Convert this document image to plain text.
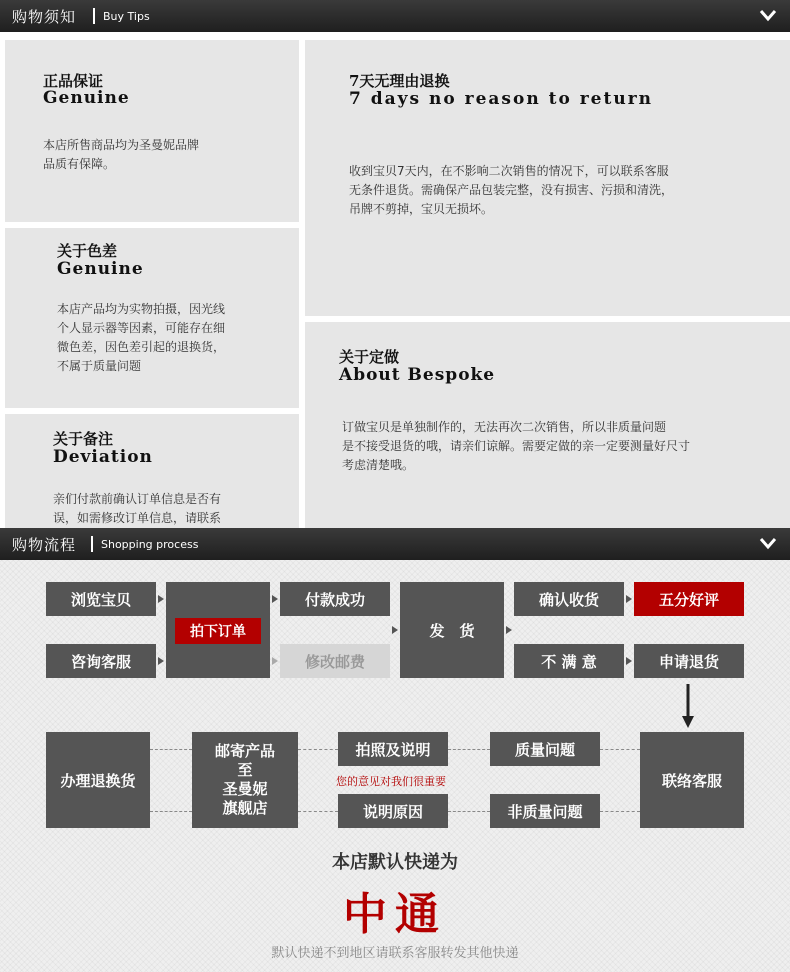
购物须知 Buy Tips
正品保证
Genuine
本店所售商品均为圣曼妮品牌
品质有保障。
关于色差
Genuine
本店产品均为实物拍摄，因光线
个人显示器等因素，可能存在细
微色差，因色差引起的退换货，
不属于质量问题
关于备注
Deviation
亲们付款前确认订单信息是否有
误，如需修改订单信息，请联系
7天无理由退换
7 days no reason to return
收到宝贝7天内，在不影响二次销售的情况下，可以联系客服
无条件退货。需确保产品包装完整，没有损害、污损和清洗，
吊牌不剪掉，宝贝无损坏。
关于定做
About Bespoke
订做宝贝是单独制作的，无法再次二次销售，所以非质量问题
是不接受退货的哦，请亲们谅解。需要定做的亲一定要测量好尺寸
考虑清楚哦。
购物流程 Shopping process
浏览宝贝
咨询客服
拍下订单
付款成功
修改邮费
发　货
确认收货	五分好评
不 满 意	申请退货
办理退换货
邮寄产品
至
圣曼妮
旗舰店
拍照及说明
说明原因
质量问题
非质量问题
联络客服
您的意见对我们很重要
本店默认快递为
中通
默认快递不到地区请联系客服转发其他快递
